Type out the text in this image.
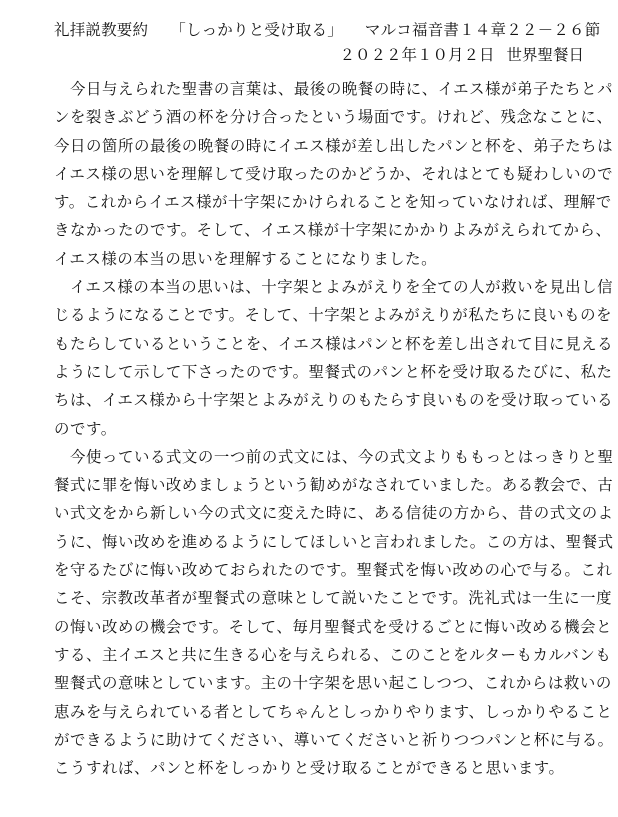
礼拝説教要約 「しっかりと受け取る」 マルコ福音書１４章２２－２６節
２０２２年１０月２日 世界聖餐日
　今日与えられた聖書の言葉は、最後の晩餐の時に、イエス様が弟子たちとパ
ンを裂きぶどう酒の杯を分け合ったという場面です。けれど、残念なことに、
今日の箇所の最後の晩餐の時にイエス様が差し出したパンと杯を、弟子たちは
イエス様の思いを理解して受け取ったのかどうか、それはとても疑わしいので
す。これからイエス様が十字架にかけられることを知っていなければ、理解で
きなかったのです。そして、イエス様が十字架にかかりよみがえられてから、
イエス様の本当の思いを理解することになりました。
　イエス様の本当の思いは、十字架とよみがえりを全ての人が救いを見出し信
じるようになることです。そして、十字架とよみがえりが私たちに良いものを
もたらしているということを、イエス様はパンと杯を差し出されて目に見える
ようにして示して下さったのです。聖餐式のパンと杯を受け取るたびに、私た
ちは、イエス様から十字架とよみがえりのもたらす良いものを受け取っている
のです。
　今使っている式文の一つ前の式文には、今の式文よりももっとはっきりと聖
餐式に罪を悔い改めましょうという勧めがなされていました。ある教会で、古
い式文をから新しい今の式文に変えた時に、ある信徒の方から、昔の式文のよ
うに、悔い改めを進めるようにしてほしいと言われました。この方は、聖餐式
を守るたびに悔い改めておられたのです。聖餐式を悔い改めの心で与る。これ
こそ、宗教改革者が聖餐式の意味として説いたことです。洗礼式は一生に一度
の悔い改めの機会です。そして、毎月聖餐式を受けるごとに悔い改める機会と
する、主イエスと共に生きる心を与えられる、このことをルターもカルバンも
聖餐式の意味としています。主の十字架を思い起こしつつ、これからは救いの
恵みを与えられている者としてちゃんとしっかりやります、しっかりやること
ができるように助けてください、導いてくださいと祈りつつパンと杯に与る。
こうすれば、パンと杯をしっかりと受け取ることができると思います。
